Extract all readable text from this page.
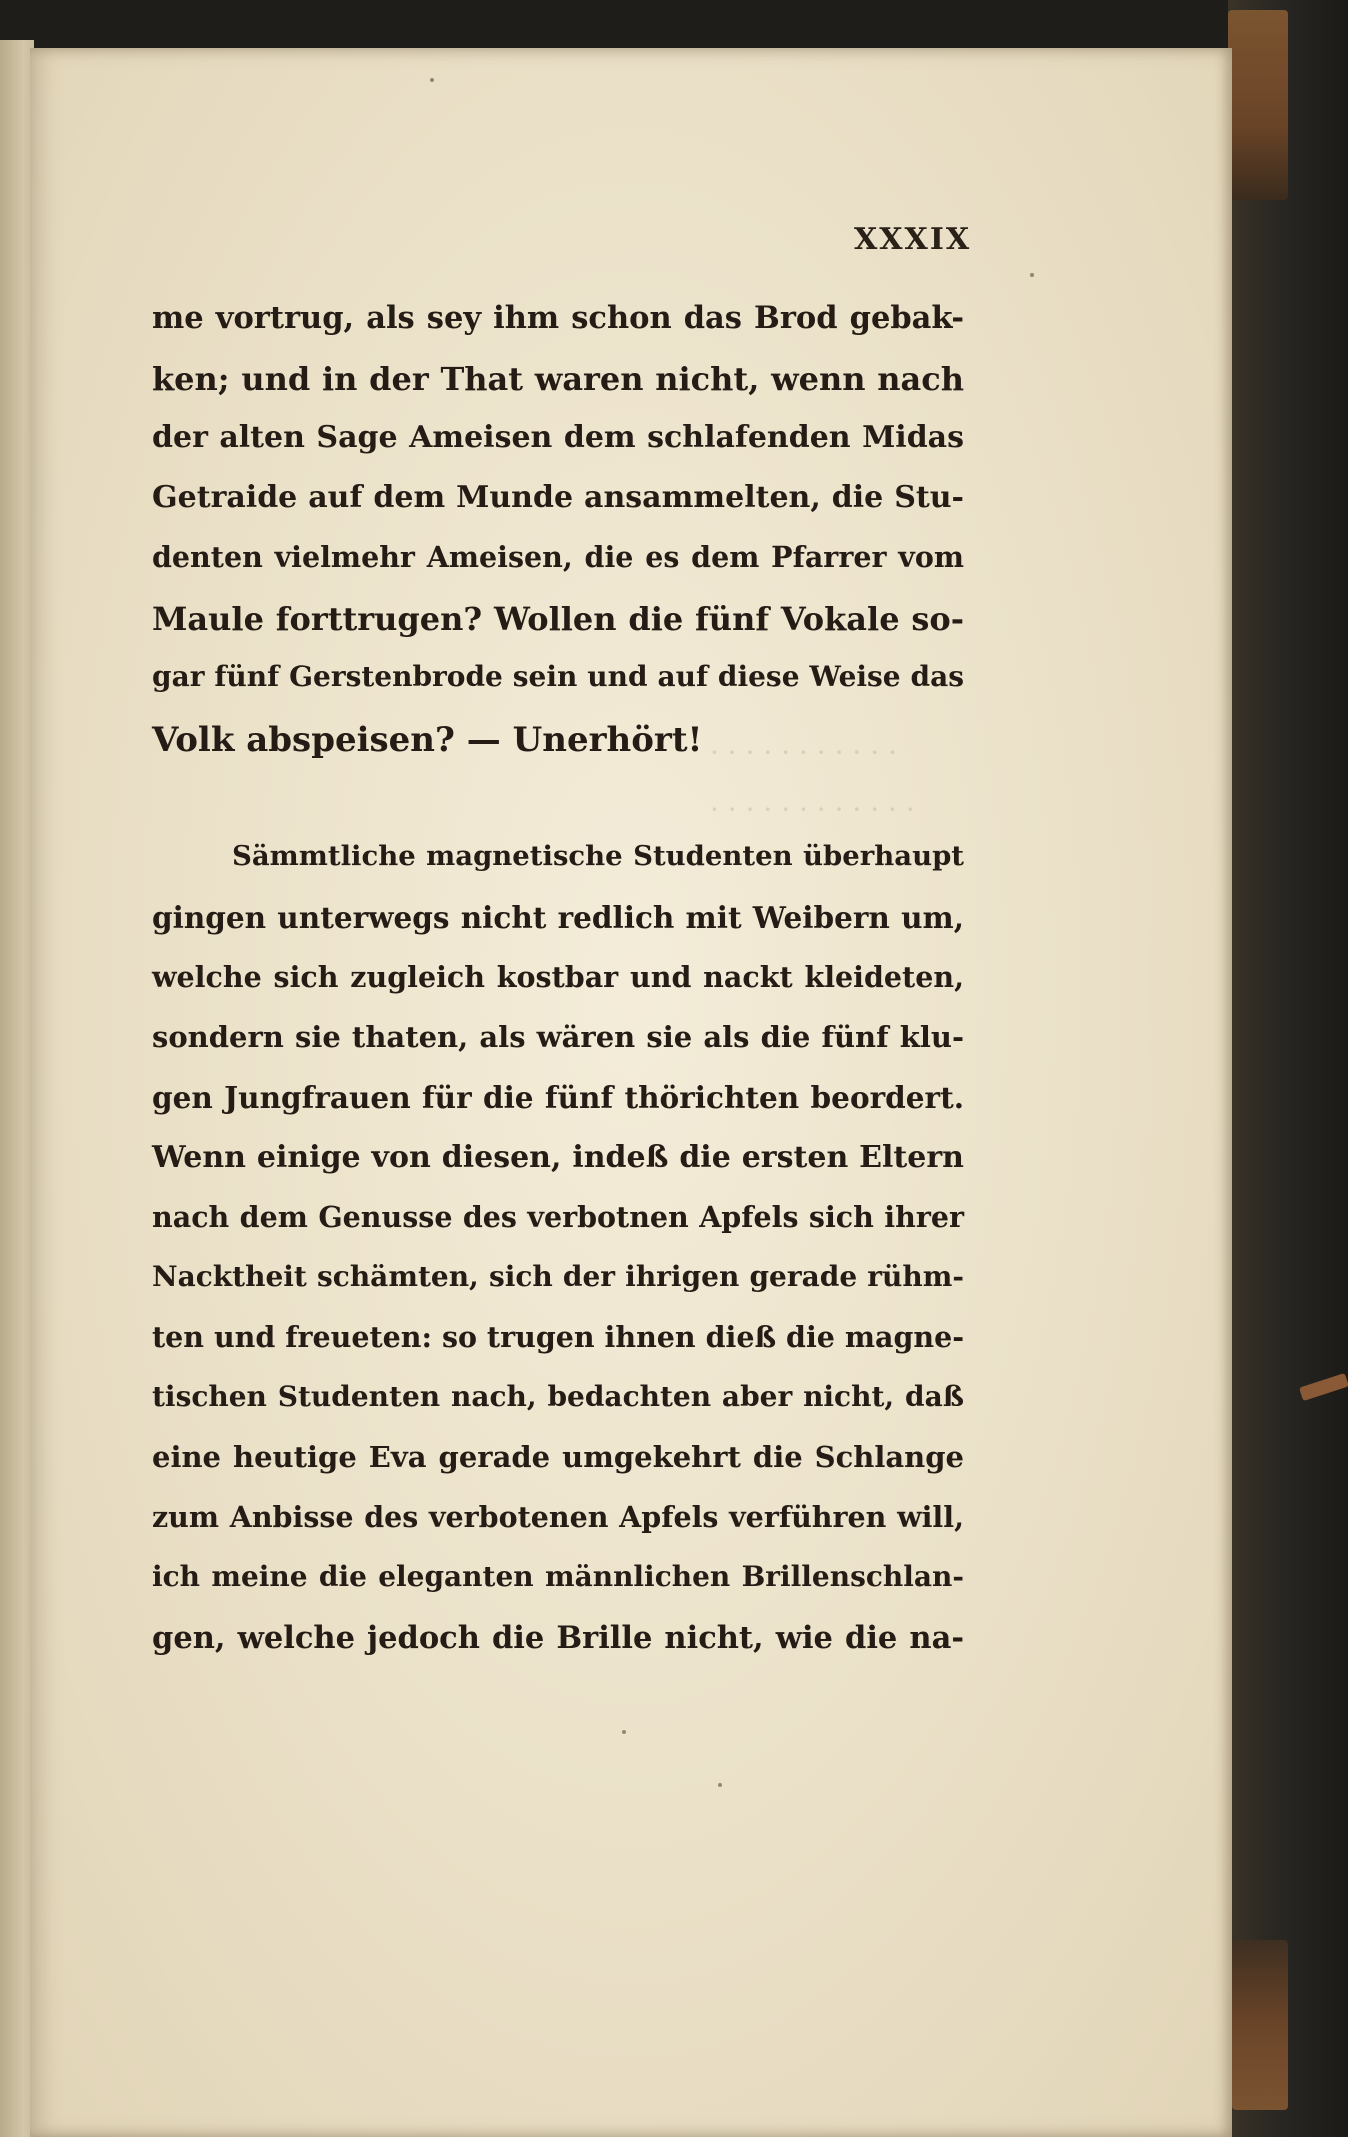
· · · · · · · · · · ·
· · · · · · · · · · · ·
XXXIX
me vortrug, als sey ihm schon das Brod gebak-
ken; und in der That waren nicht, wenn nach
der alten Sage Ameisen dem schlafenden Midas
Getraide auf dem Munde ansammelten, die Stu-
denten vielmehr Ameisen, die es dem Pfarrer vom
Maule forttrugen? Wollen die fünf Vokale so-
gar fünf Gerstenbrode sein und auf diese Weise das
Volk abspeisen? — Unerhört!
Sämmtliche magnetische Studenten überhaupt
gingen unterwegs nicht redlich mit Weibern um,
welche sich zugleich kostbar und nackt kleideten,
sondern sie thaten, als wären sie als die fünf klu-
gen Jungfrauen für die fünf thörichten beordert.
Wenn einige von diesen, indeß die ersten Eltern
nach dem Genusse des verbotnen Apfels sich ihrer
Nacktheit schämten, sich der ihrigen gerade rühm-
ten und freueten: so trugen ihnen dieß die magne-
tischen Studenten nach, bedachten aber nicht, daß
eine heutige Eva gerade umgekehrt die Schlange
zum Anbisse des verbotenen Apfels verführen will,
ich meine die eleganten männlichen Brillenschlan-
gen, welche jedoch die Brille nicht, wie die na-
